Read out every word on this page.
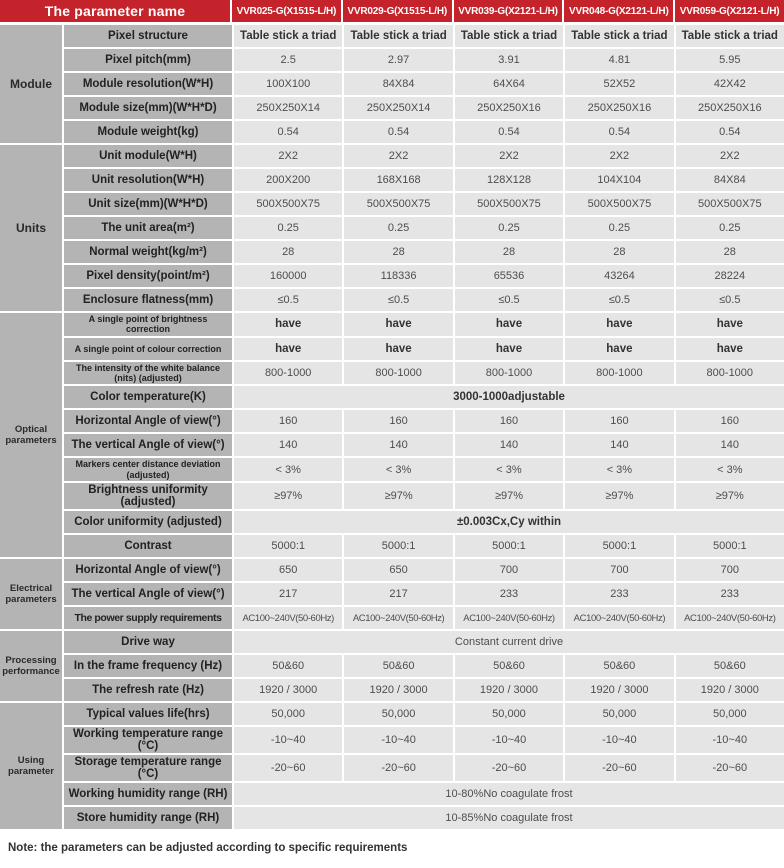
The parameter name	VVR025-G(X1515-L/H)	VVR029-G(X1515-L/H)	VVR039-G(X2121-L/H)	VVR048-G(X2121-L/H)	VVR059-G(X2121-L/H)
Module
Pixel structure	Table stick a triad	Table stick a triad	Table stick a triad	Table stick a triad	Table stick a triad
Pixel pitch(mm)	2.5	2.97	3.91	4.81	5.95
Module resolution(W*H)	100X100	84X84	64X64	52X52	42X42
Module size(mm)(W*H*D)	250X250X14	250X250X14	250X250X16	250X250X16	250X250X16
Module weight(kg)	0.54	0.54	0.54	0.54	0.54
Units
Unit module(W*H)	2X2	2X2	2X2	2X2	2X2
Unit resolution(W*H)	200X200	168X168	128X128	104X104	84X84
Unit size(mm)(W*H*D)	500X500X75	500X500X75	500X500X75	500X500X75	500X500X75
The unit area(m²)	0.25	0.25	0.25	0.25	0.25
Normal weight(kg/m²)	28	28	28	28	28
Pixel density(point/m²)	160000	118336	65536	43264	28224
Enclosure flatness(mm)	≤0.5	≤0.5	≤0.5	≤0.5	≤0.5
Optical parameters
A single point of brightness correction	have	have	have	have	have
A single point of colour correction	have	have	have	have	have
The intensity of the white balance (nits) (adjusted)	800-1000	800-1000	800-1000	800-1000	800-1000
Color temperature(K)	3000-1000adjustable
Horizontal Angle of view(°)	160	160	160	160	160
The vertical Angle of view(°)	140	140	140	140	140
Markers center distance deviation (adjusted)	< 3%	< 3%	< 3%	< 3%	< 3%
Brightness uniformity (adjusted)	≥97%	≥97%	≥97%	≥97%	≥97%
Color uniformity (adjusted)	±0.003Cx,Cy within
Contrast	5000:1	5000:1	5000:1	5000:1	5000:1
Electrical parameters
Horizontal Angle of view(°)	650	650	700	700	700
The vertical Angle of view(°)	217	217	233	233	233
The power supply requirements	AC100~240V(50-60Hz)	AC100~240V(50-60Hz)	AC100~240V(50-60Hz)	AC100~240V(50-60Hz)	AC100~240V(50-60Hz)
Processing performance
Drive way	Constant current drive
In the frame frequency (Hz)	50&60	50&60	50&60	50&60	50&60
The refresh rate (Hz)	1920 / 3000	1920 / 3000	1920 / 3000	1920 / 3000	1920 / 3000
Using parameter
Typical values life(hrs)	50,000	50,000	50,000	50,000	50,000
Working temperature range (°C)	-10~40	-10~40	-10~40	-10~40	-10~40
Storage temperature range (°C)	-20~60	-20~60	-20~60	-20~60	-20~60
Working humidity range (RH)	10-80%No coagulate frost
Store humidity range (RH)	10-85%No coagulate frost
Note: the parameters can be adjusted according to specific requirements
